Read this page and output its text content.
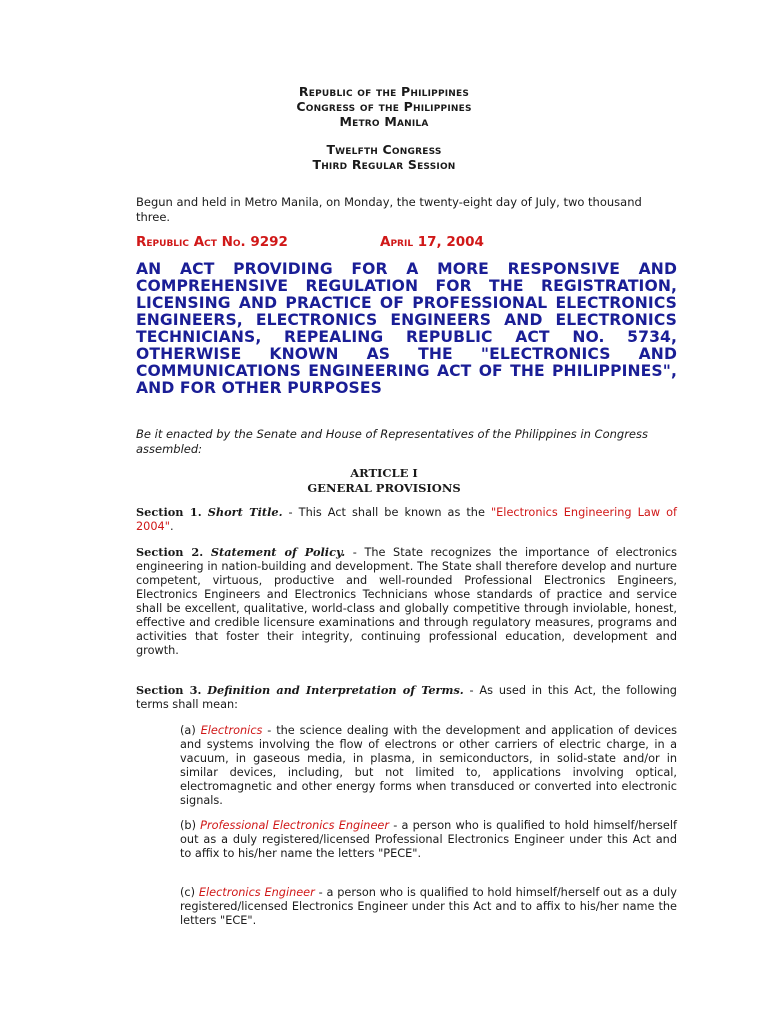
Republic of the Philippines
Congress of the Philippines
Metro Manila
Twelfth Congress
Third Regular Session
Begun and held in Metro Manila, on Monday, the twenty-eight day of July, two thousand three.
Republic Act No. 9292	April 17, 2004
AN ACT PROVIDING FOR A MORE RESPONSIVE AND COMPREHENSIVE REGULATION FOR THE REGISTRATION, LICENSING AND PRACTICE OF PROFESSIONAL ELECTRONICS ENGINEERS, ELECTRONICS ENGINEERS AND ELECTRONICS TECHNICIANS, REPEALING REPUBLIC ACT NO. 5734, OTHERWISE KNOWN AS THE "ELECTRONICS AND COMMUNICATIONS ENGINEERING ACT OF THE PHILIPPINES", AND FOR OTHER PURPOSES
Be it enacted by the Senate and House of Representatives of the Philippines in Congress assembled:
ARTICLE I
GENERAL PROVISIONS
Section 1. Short Title. - This Act shall be known as the "Electronics Engineering Law of 2004".
Section 2. Statement of Policy. - The State recognizes the importance of electronics engineering in nation-building and development. The State shall therefore develop and nurture competent, virtuous, productive and well-rounded Professional Electronics Engineers, Electronics Engineers and Electronics Technicians whose standards of practice and service shall be excellent, qualitative, world-class and globally competitive through inviolable, honest, effective and credible licensure examinations and through regulatory measures, programs and activities that foster their integrity, continuing professional education, development and growth.
Section 3. Definition and Interpretation of Terms. - As used in this Act, the following terms shall mean:
(a) Electronics - the science dealing with the development and application of devices and systems involving the flow of electrons or other carriers of electric charge, in a vacuum, in gaseous media, in plasma, in semiconductors, in solid-state and/or in similar devices, including, but not limited to, applications involving optical, electromagnetic and other energy forms when transduced or converted into electronic signals.
(b) Professional Electronics Engineer - a person who is qualified to hold himself/herself out as a duly registered/licensed Professional Electronics Engineer under this Act and to affix to his/her name the letters "PECE".
(c) Electronics Engineer - a person who is qualified to hold himself/herself out as a duly registered/licensed Electronics Engineer under this Act and to affix to his/her name the letters "ECE".
